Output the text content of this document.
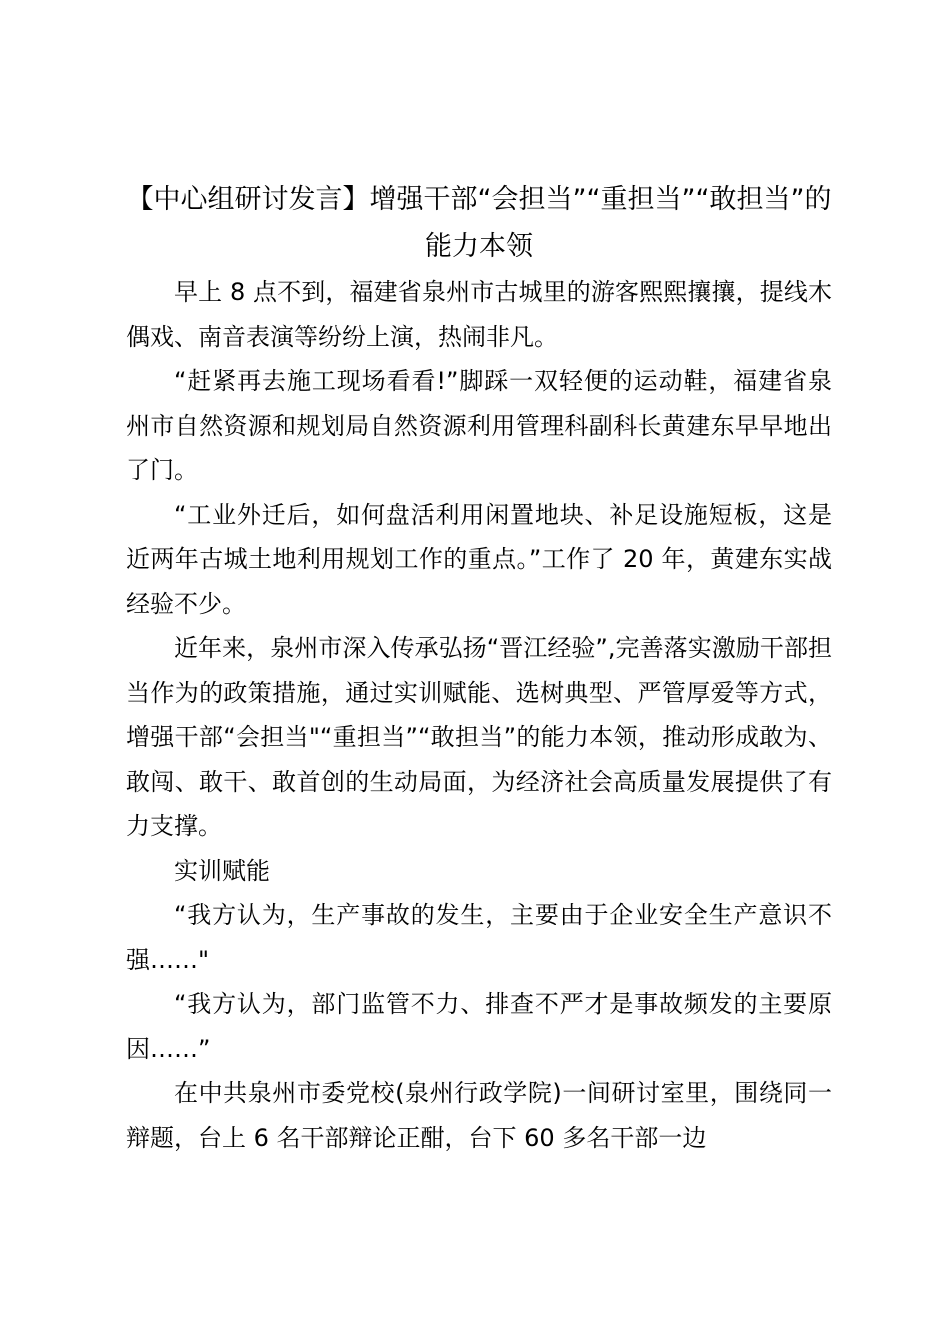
【中心组研讨发言】增强干部“会担当”“重担当”“敢担当”的能力本领

早上 8 点不到，福建省泉州市古城里的游客熙熙攘攘，提线木偶戏、南音表演等纷纷上演，热闹非凡。

“赶紧再去施工现场看看!”脚踩一双轻便的运动鞋，福建省泉州市自然资源和规划局自然资源利用管理科副科长黄建东早早地出了门。

“工业外迁后，如何盘活利用闲置地块、补足设施短板，这是近两年古城土地利用规划工作的重点。”工作了 20 年，黄建东实战经验不少。

近年来，泉州市深入传承弘扬“晋江经验”,完善落实激励干部担当作为的政策措施，通过实训赋能、选树典型、严管厚爱等方式，增强干部“会担当"“重担当”“敢担当”的能力本领，推动形成敢为、敢闯、敢干、敢首创的生动局面，为经济社会高质量发展提供了有力支撑。

实训赋能

“我方认为，生产事故的发生，主要由于企业安全生产意识不强……"

“我方认为，部门监管不力、排查不严才是事故频发的主要原因……”

在中共泉州市委党校(泉州行政学院)一间研讨室里，围绕同一辩题，台上 6 名干部辩论正酣，台下 60 多名干部一边
